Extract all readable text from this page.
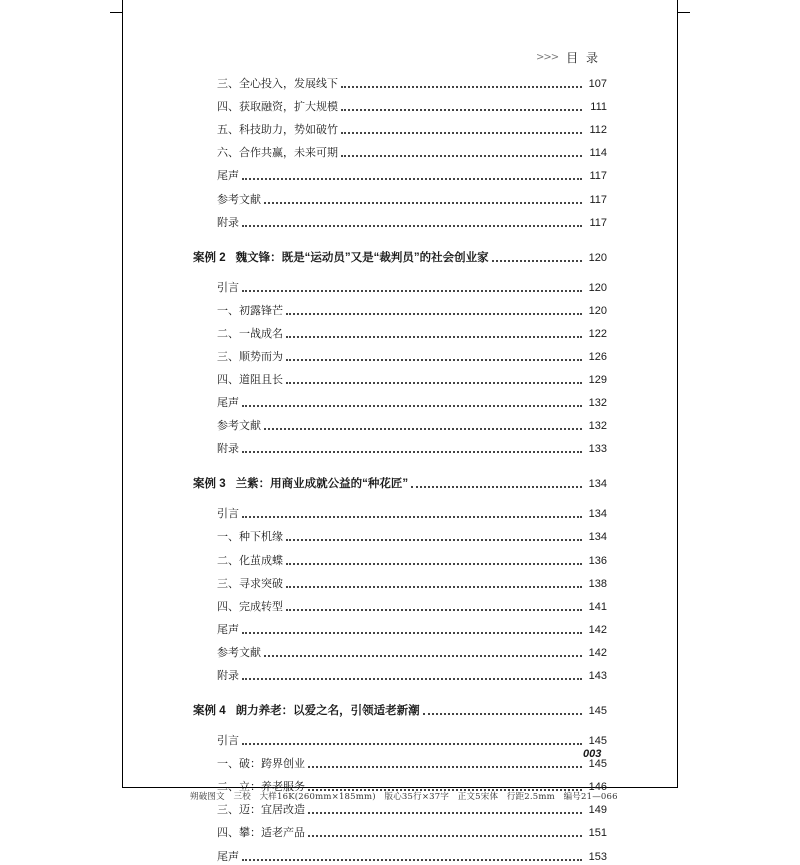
>>> 目 录
三、全心投入，发展线下	107
四、获取融资，扩大规模	111
五、科技助力，势如破竹	112
六、合作共赢，未来可期	114
尾声	117
参考文献	117
附录	117
案例 2 魏文锋：既是“运动员”又是“裁判员”的社会创业家	120
引言	120
一、初露锋芒	120
二、一战成名	122
三、顺势而为	126
四、道阻且长	129
尾声	132
参考文献	132
附录	133
案例 3 兰紫：用商业成就公益的“种花匠”	134
引言	134
一、种下机缘	134
二、化茧成蝶	136
三、寻求突破	138
四、完成转型	141
尾声	142
参考文献	142
附录	143
案例 4 朗力养老：以爱之名，引领适老新潮	145
引言	145
一、破：跨界创业	145
二、立：养老服务	146
三、迈：宜居改造	149
四、攀：适老产品	151
尾声	153
003
朔破图文　三校　大样16K(260mm×185mm)　版心35行×37字　正文5宋体　行距2.5mm　编号21—066
